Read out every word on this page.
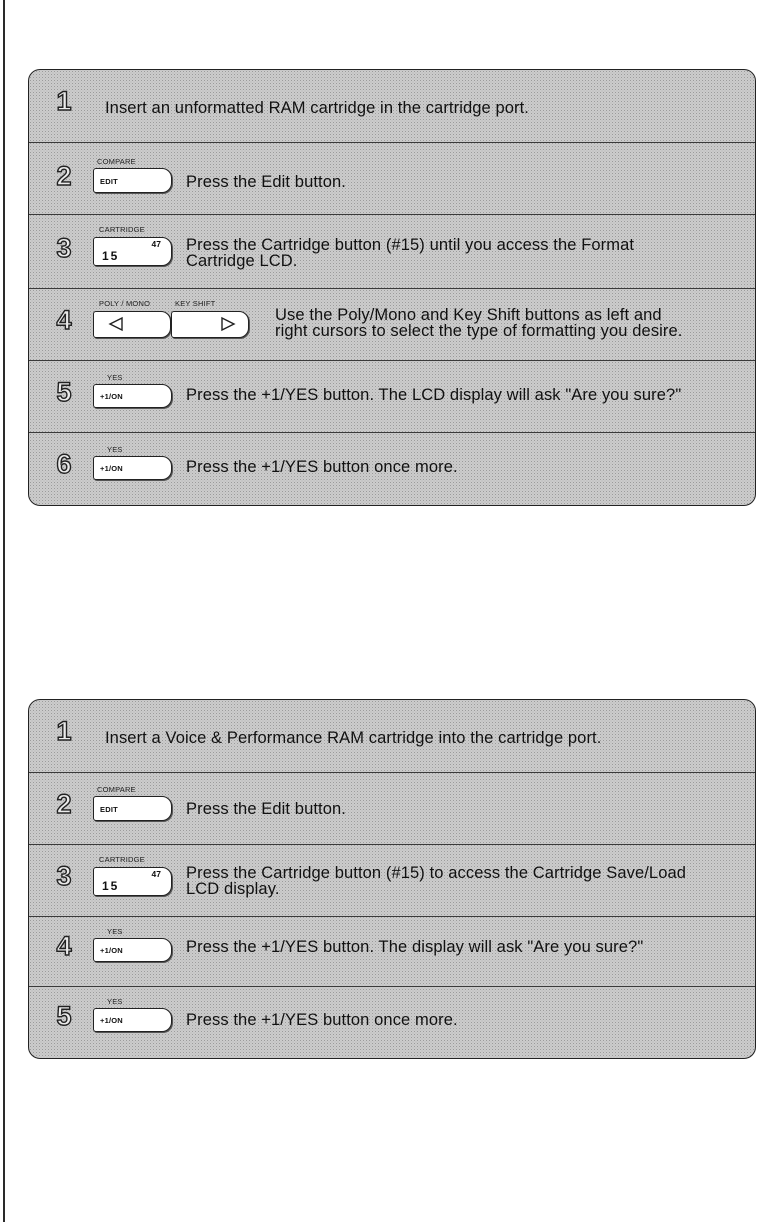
1	Insert an unformatted RAM cartridge in the cartridge port.
2	COMPARE
EDIT	Press the Edit button.
3
CARTRIDGE
47
15
Press the Cartridge button (#15) until you access the Format
Cartridge LCD.
4
POLY / MONO	KEY SHIFT
Use the Poly/Mono and Key Shift buttons as left and
right cursors to select the type of formatting you desire.
5	YES
+1/ON	Press the +1/YES button. The LCD display will ask "Are you sure?"
6	YES
+1/ON	Press the +1/YES button once more.
1	Insert a Voice & Performance RAM cartridge into the cartridge port.
2	COMPARE
EDIT	Press the Edit button.
3
CARTRIDGE
47
15
Press the Cartridge button (#15) to access the Cartridge Save/Load
LCD display.
4	YES
+1/ON	Press the +1/YES button. The display will ask "Are you sure?"
5	YES
+1/ON	Press the +1/YES button once more.
